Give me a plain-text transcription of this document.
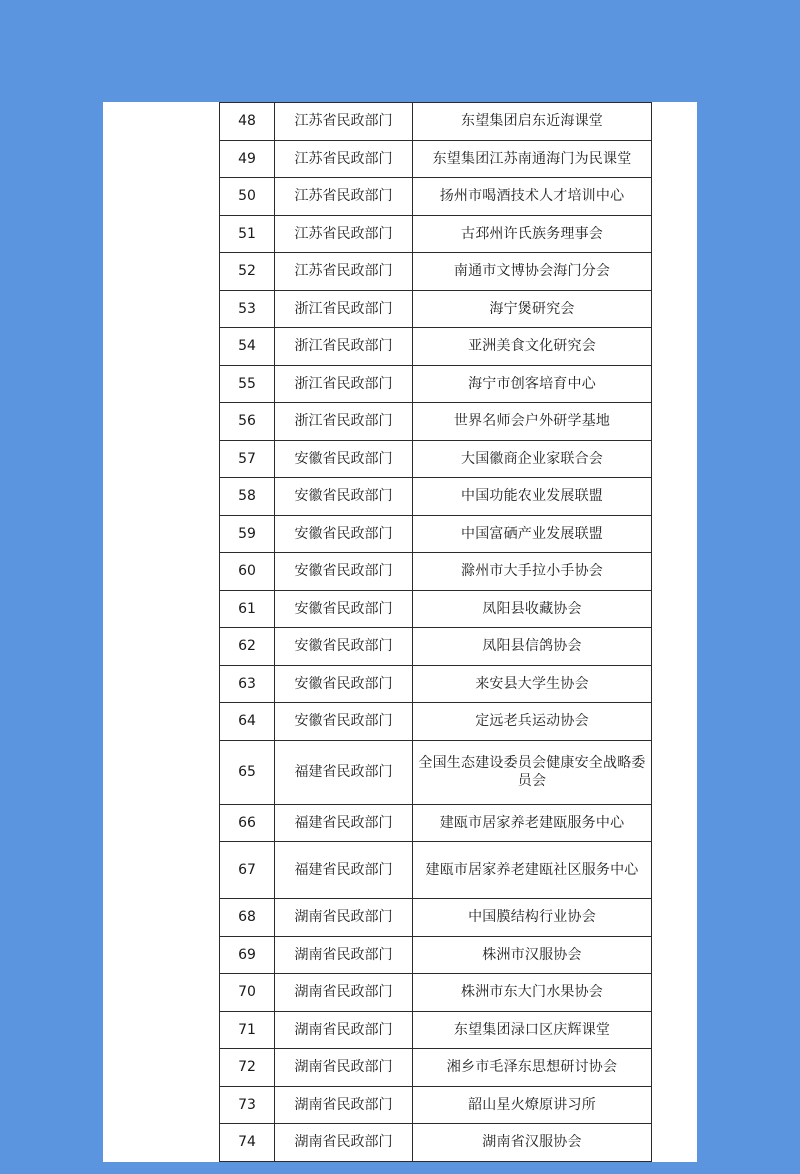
48	江苏省民政部门	东望集团启东近海课堂
49	江苏省民政部门	东望集团江苏南通海门为民课堂
50	江苏省民政部门	扬州市喝酒技术人才培训中心
51	江苏省民政部门	古邳州许氏族务理事会
52	江苏省民政部门	南通市文博协会海门分会
53	浙江省民政部门	海宁煲研究会
54	浙江省民政部门	亚洲美食文化研究会
55	浙江省民政部门	海宁市创客培育中心
56	浙江省民政部门	世界名师会户外研学基地
57	安徽省民政部门	大国徽商企业家联合会
58	安徽省民政部门	中国功能农业发展联盟
59	安徽省民政部门	中国富硒产业发展联盟
60	安徽省民政部门	滁州市大手拉小手协会
61	安徽省民政部门	凤阳县收藏协会
62	安徽省民政部门	凤阳县信鸽协会
63	安徽省民政部门	来安县大学生协会
64	安徽省民政部门	定远老兵运动协会
65	福建省民政部门	全国生态建设委员会健康安全战略委员会
66	福建省民政部门	建瓯市居家养老建瓯服务中心
67	福建省民政部门	建瓯市居家养老建瓯社区服务中心
68	湖南省民政部门	中国膜结构行业协会
69	湖南省民政部门	株洲市汉服协会
70	湖南省民政部门	株洲市东大门水果协会
71	湖南省民政部门	东望集团渌口区庆辉课堂
72	湖南省民政部门	湘乡市毛泽东思想研讨协会
73	湖南省民政部门	韶山星火燎原讲习所
74	湖南省民政部门	湖南省汉服协会
